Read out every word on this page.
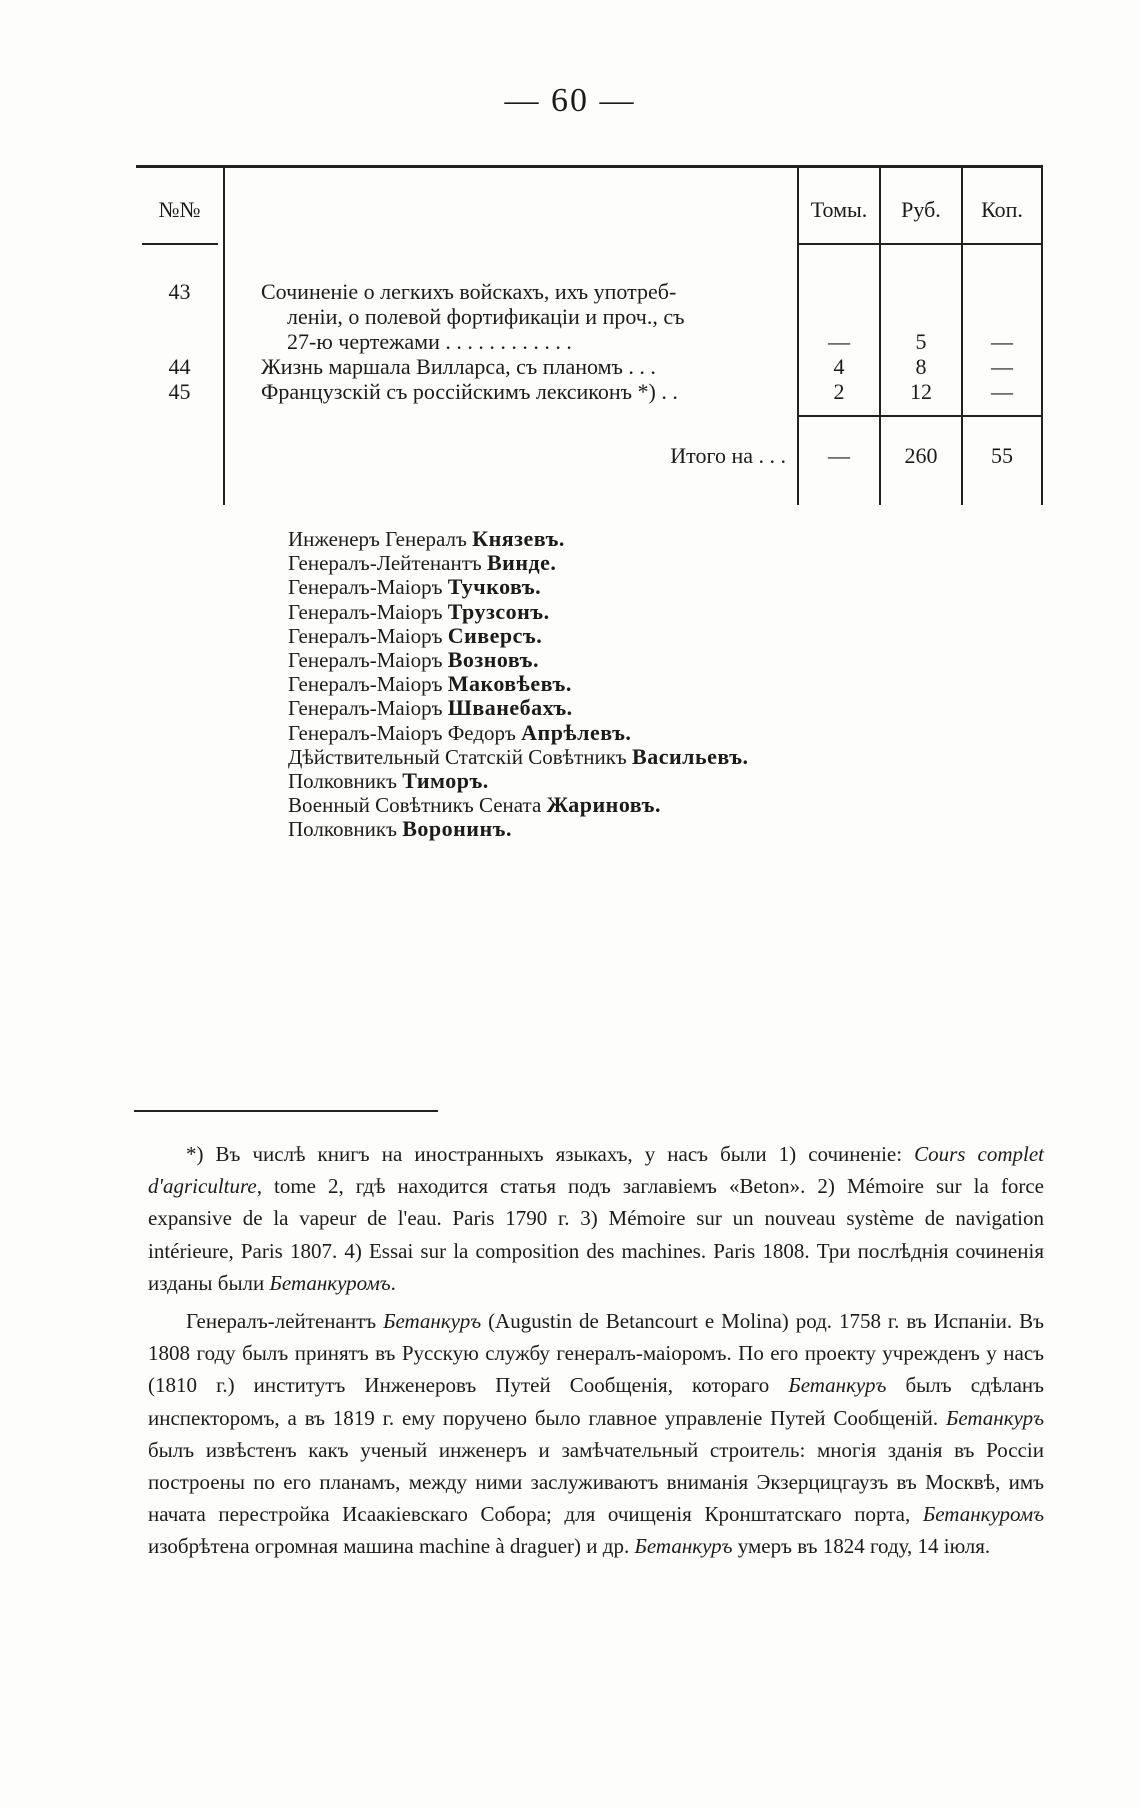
— 60 —
№№	Томы.	Руб.	Коп.
43	Сочиненіе о легкихъ войскахъ, ихъ употреб-
леніи, о полевой фортификаціи и проч., съ
27-ю чертежами . . . . . . . . . . . .	—	5	—
44	Жизнь маршала Вилларса, съ планомъ . . .	4	8	—
45	Французскій съ россійскимъ лексиконъ *) . .	2	12	—
Итого на . . .	—	260	55
Инженеръ Генералъ Князевъ.
Генералъ-Лейтенантъ Винде.
Генералъ-Маіоръ Тучковъ.
Генералъ-Маіоръ Трузсонъ.
Генералъ-Маіоръ Сиверсъ.
Генералъ-Маіоръ Возновъ.
Генералъ-Маіоръ Маковѣевъ.
Генералъ-Маіоръ Шванебахъ.
Генералъ-Маіоръ Федоръ Апрѣлевъ.
Дѣйствительный Статскій Совѣтникъ Васильевъ.
Полковникъ Тиморъ.
Военный Совѣтникъ Сената Жариновъ.
Полковникъ Воронинъ.

*) Въ числѣ книгъ на иностранныхъ языкахъ, у насъ были 1) сочиненіе: Cours complet d'agriculture, tome 2, гдѣ находится статья подъ заглавіемъ «Beton». 2) Mémoire sur la force expansive de la vapeur de l'eau. Paris 1790 г. 3) Mémoire sur un nouveau système de navigation intérieure, Paris 1807. 4) Essai sur la composition des machines. Paris 1808. Три послѣднія сочиненія изданы были Бетанкуромъ.

Генералъ-лейтенантъ Бетанкуръ (Augustin de Betancourt e Molina) род. 1758 г. въ Испаніи. Въ 1808 году былъ принятъ въ Русскую службу генералъ-маіоромъ. По его проекту учрежденъ у насъ (1810 г.) институтъ Инженеровъ Путей Сообщенія, котораго Бетанкуръ былъ сдѣланъ инспекторомъ, а въ 1819 г. ему поручено было главное управленіе Путей Сообщеній. Бетанкуръ былъ извѣстенъ какъ ученый инженеръ и замѣчательный строитель: многія зданія въ Россіи построены по его планамъ, между ними заслуживаютъ вниманія Экзерцицгаузъ въ Москвѣ, имъ начата перестройка Исаакіевскаго Собора; для очищенія Кронштатскаго порта, Бетанкуромъ изобрѣтена огромная машина machine à draguer) и др. Бетанкуръ умеръ въ 1824 году, 14 іюля.
